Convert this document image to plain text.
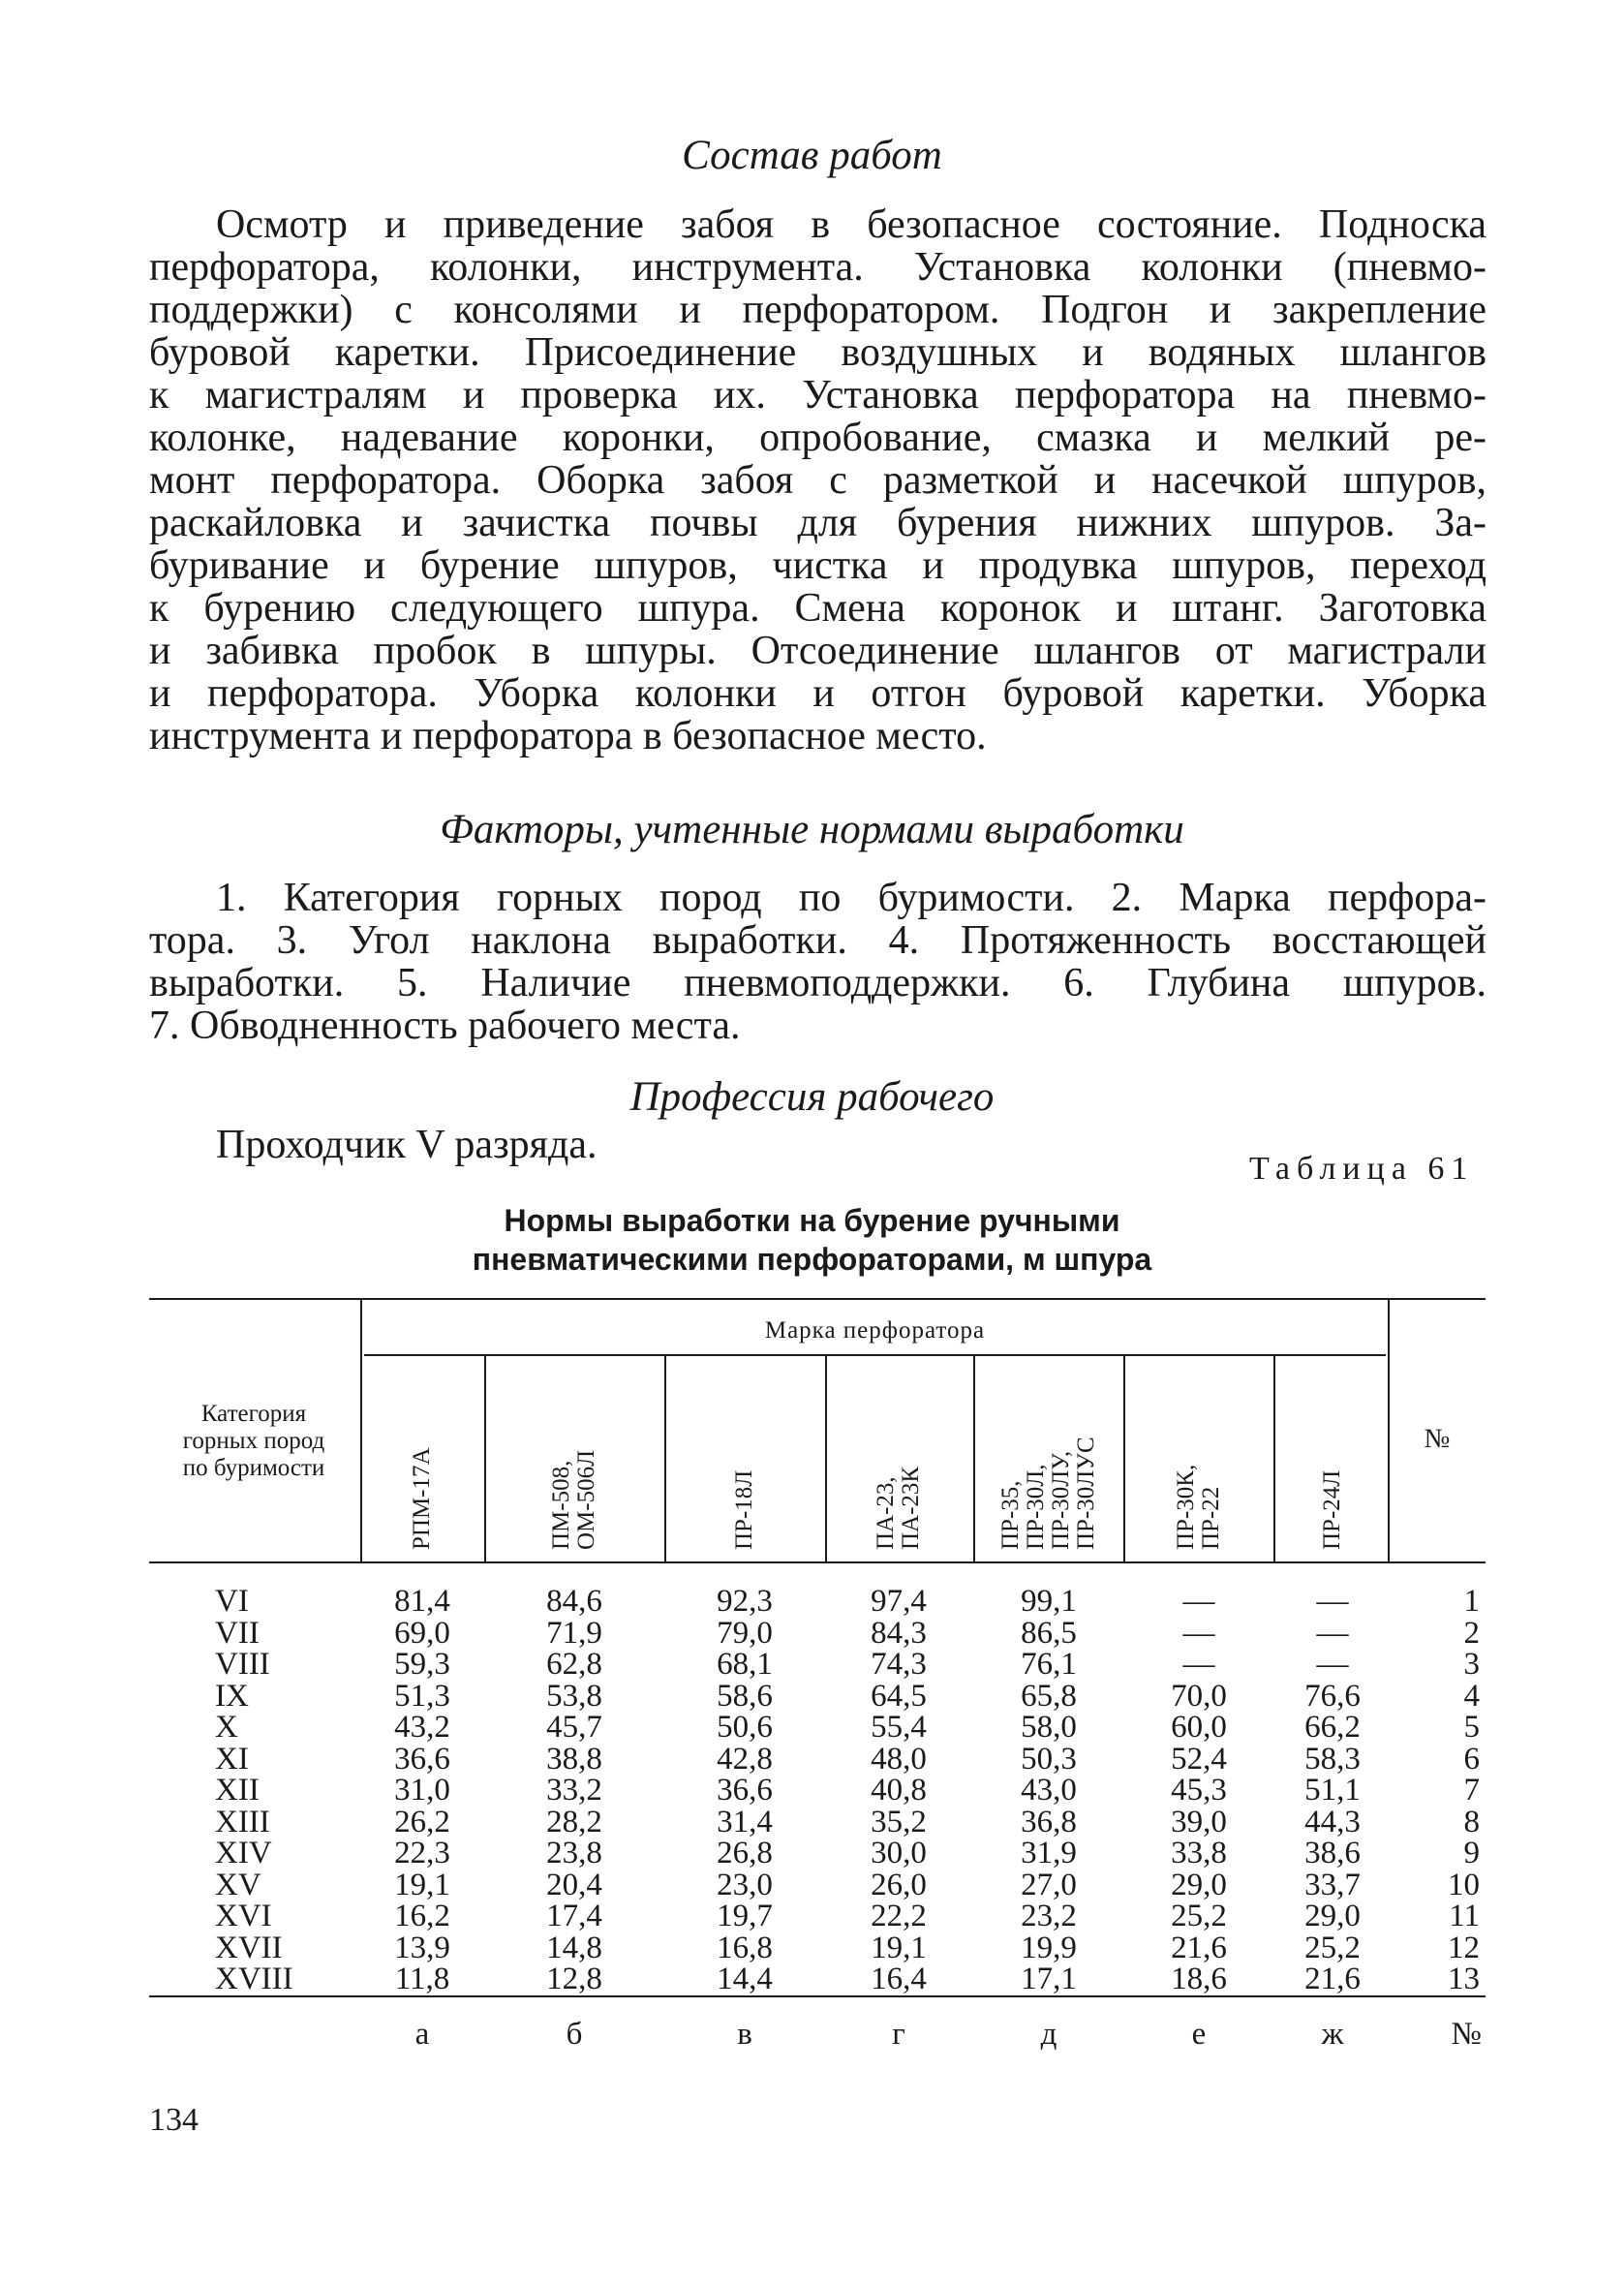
Состав работ
Осмотр и приведение забоя в безопасное состояние. Подноска
перфоратора, колонки, инструмента. Установка колонки (пневмо-
поддержки) с консолями и перфоратором. Подгон и закрепление
буровой каретки. Присоединение воздушных и водяных шлангов
к магистралям и проверка их. Установка перфоратора на пневмо-
колонке, надевание коронки, опробование, смазка и мелкий ре-
монт перфоратора. Оборка забоя с разметкой и насечкой шпуров,
раскайловка и зачистка почвы для бурения нижних шпуров. За-
буривание и бурение шпуров, чистка и продувка шпуров, переход
к бурению следующего шпура. Смена коронок и штанг. Заготовка
и забивка пробок в шпуры. Отсоединение шлангов от магистрали
и перфоратора. Уборка колонки и отгон буровой каретки. Уборка
инструмента и перфоратора в безопасное место.
Факторы, учтенные нормами выработки
1. Категория горных пород по буримости. 2. Марка перфора-
тора. 3. Угол наклона выработки. 4. Протяженность восстающей
выработки. 5. Наличие пневмоподдержки. 6. Глубина шпуров.
7. Обводненность рабочего места.
Профессия рабочего
Проходчик V разряда.
Таблица 61
Нормы выработки на бурение ручными
пневматическими перфораторами, м шпура
Категория
горных пород
по буримости
Марка перфоратора
№
РПМ-17А	ПМ-508, ОМ-506Л	ПР-18Л	ПА-23, ПА-23К	ПР-35, ПР-30Л, ПР-30ЛУ, ПР-30ЛУС	ПР-30К, ПР-22	ПР-24Л
VI	81,4	84,6	92,3	97,4	99,1	—	—	1
VII	69,0	71,9	79,0	84,3	86,5	—	—	2
VIII	59,3	62,8	68,1	74,3	76,1	—	—	3
IX	51,3	53,8	58,6	64,5	65,8	70,0	76,6	4
X	43,2	45,7	50,6	55,4	58,0	60,0	66,2	5
XI	36,6	38,8	42,8	48,0	50,3	52,4	58,3	6
XII	31,0	33,2	36,6	40,8	43,0	45,3	51,1	7
XIII	26,2	28,2	31,4	35,2	36,8	39,0	44,3	8
XIV	22,3	23,8	26,8	30,0	31,9	33,8	38,6	9
XV	19,1	20,4	23,0	26,0	27,0	29,0	33,7	10
XVI	16,2	17,4	19,7	22,2	23,2	25,2	29,0	11
XVII	13,9	14,8	16,8	19,1	19,9	21,6	25,2	12
XVIII	11,8	12,8	14,4	16,4	17,1	18,6	21,6	13
а	б	в	г	д	е	ж	№
134
